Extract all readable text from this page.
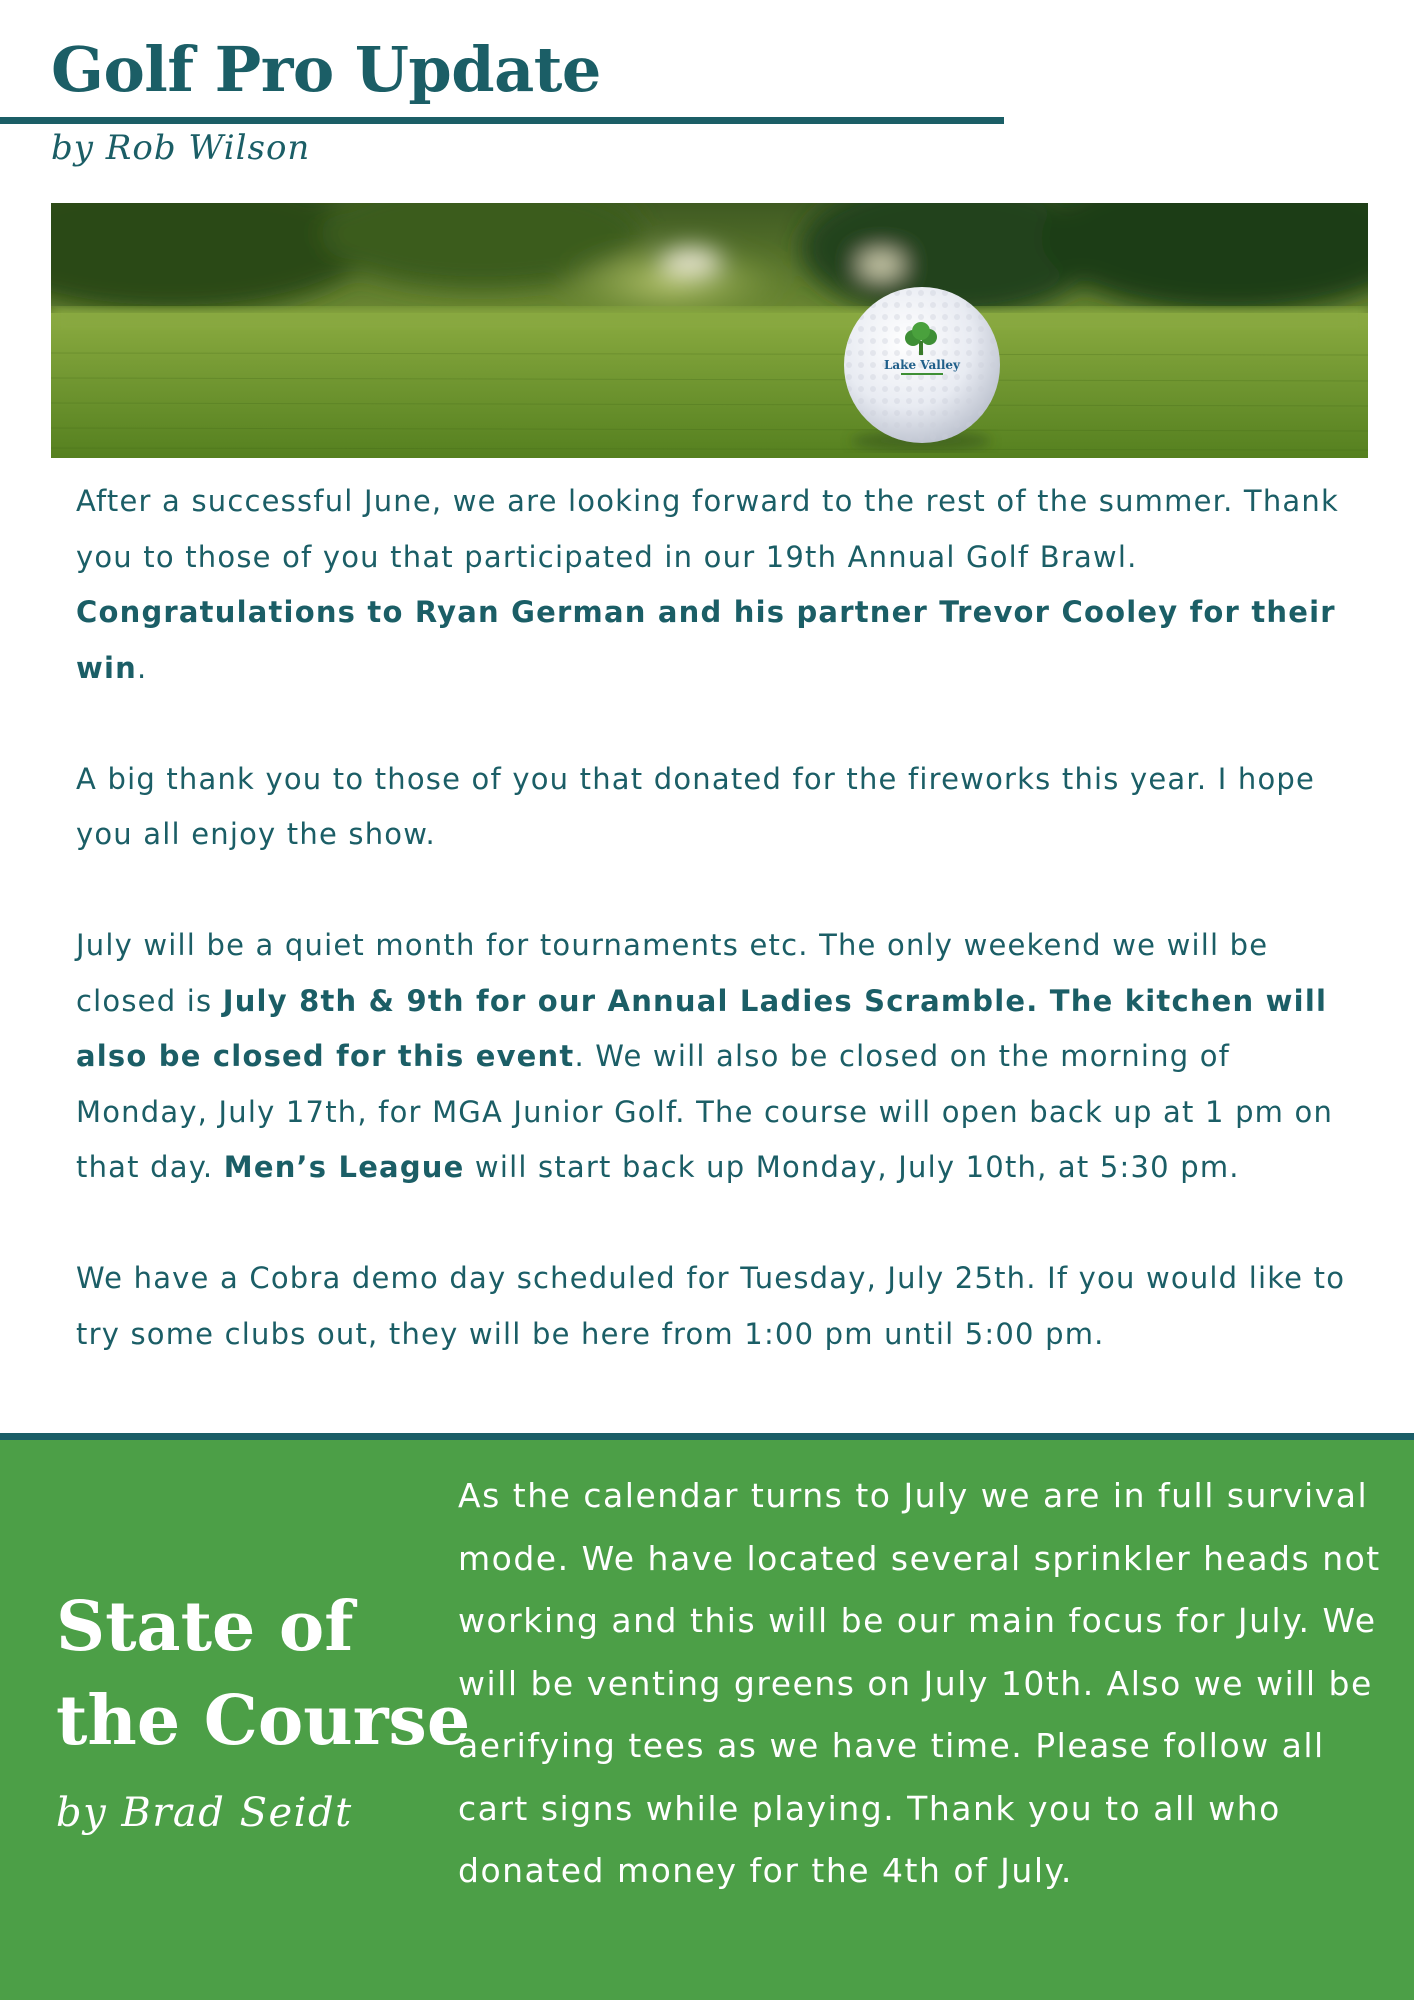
Golf Pro Update
by Rob Wilson
Lake Valley

After a successful June, we are looking forward to the rest of the summer. Thank you to those of you that participated in our 19th Annual Golf Brawl. Congratulations to Ryan German and his partner Trevor Cooley for their win.

A big thank you to those of you that donated for the fireworks this year. I hope you all enjoy the show.

July will be a quiet month for tournaments etc. The only weekend we will be closed is July 8th & 9th for our Annual Ladies Scramble. The kitchen will also be closed for this event. We will also be closed on the morning of Monday, July 17th, for MGA Junior Golf. The course will open back up at 1 pm on that day. Men’s League will start back up Monday, July 10th, at 5:30 pm.

We have a Cobra demo day scheduled for Tuesday, July 25th. If you would like to try some clubs out, they will be here from 1:00 pm until 5:00 pm.

State of
the Course
by Brad Seidt

As the calendar turns to July we are in full survival mode. We have located several sprinkler heads not working and this will be our main focus for July. We will be venting greens on July 10th. Also we will be aerifying tees as we have time. Please follow all cart signs while playing. Thank you to all who donated money for the 4th of July.
